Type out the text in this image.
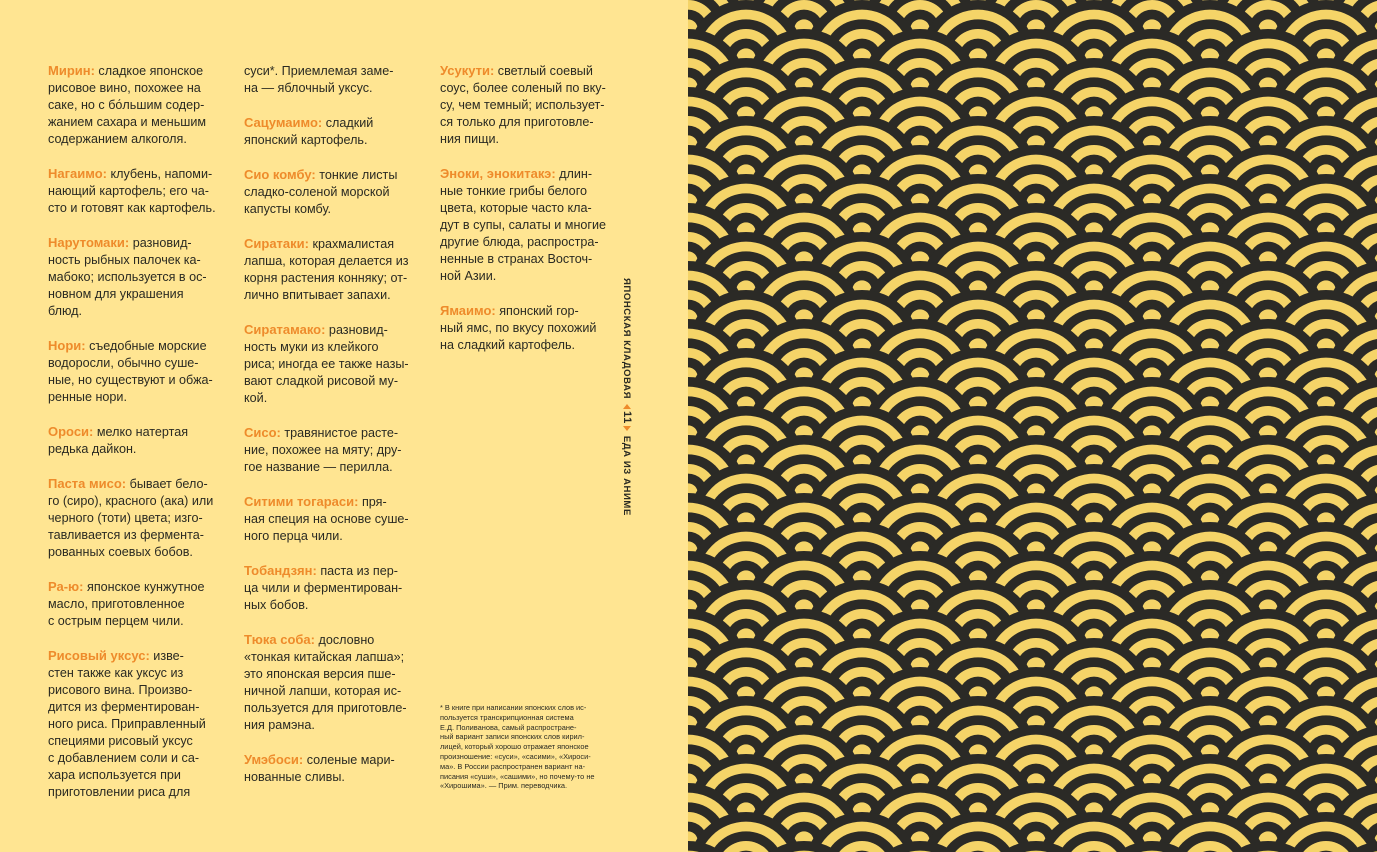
Мирин: сладкое японское
рисовое вино, похожее на
саке, но с бо́льшим содер-
жанием сахара и меньшим
содержанием алкоголя.

Нагаимо: клубень, напоми-
нающий картофель; его ча-
сто и готовят как картофель.

Нарутомаки: разновид-
ность рыбных палочек ка-
мабоко; используется в ос-
новном для украшения
блюд.

Нори: съедобные морские
водоросли, обычно суше-
ные, но существуют и обжа-
ренные нори.

Ороси: мелко натертая
редька дайкон.

Паста мисо: бывает бело-
го (сиро), красного (ака) или
черного (тоти) цвета; изго-
тавливается из фермента-
рованных соевых бобов.

Ра-ю: японское кунжутное
масло, приготовленное
с острым перцем чили.

Рисовый уксус: изве-
стен также как уксус из
рисового вина. Произво-
дится из ферментирован-
ного риса. Приправленный
специями рисовый уксус
с добавлением соли и са-
хара используется при
приготовлении риса для

суси*. Приемлемая заме-
на — яблочный уксус.

Сацумаимо: сладкий
японский картофель.

Сио комбу: тонкие листы
сладко-соленой морской
капусты комбу.

Сиратаки: крахмалистая
лапша, которая делается из
корня растения конняку; от-
лично впитывает запахи.

Сиратамако: разновид-
ность муки из клейкого
риса; иногда ее также назы-
вают сладкой рисовой му-
кой.

Сисо: травянистое расте-
ние, похожее на мяту; дру-
гое название — перилла.

Ситими тогараси: пря-
ная специя на основе суше-
ного перца чили.

Тобандзян: паста из пер-
ца чили и ферментирован-
ных бобов.

Тюка соба: дословно
«тонкая китайская лапша»;
это японская версия пше-
ничной лапши, которая ис-
пользуется для приготовле-
ния рамэна.

Умэбоси: соленые мари-
нованные сливы.

Усукути: светлый соевый
соус, более соленый по вку-
су, чем темный; использует-
ся только для приготовле-
ния пищи.

Эноки, энокитакэ: длин-
ные тонкие грибы белого
цвета, которые часто кла-
дут в супы, салаты и многие
другие блюда, распростра-
ненные в странах Восточ-
ной Азии.

Ямаимо: японский гор-
ный ямс, по вкусу похожий
на сладкий картофель.

* В книге при написании японских слов ис-
пользуется транскрипционная система
Е.Д. Поливанова, самый распростране-
ный вариант записи японских слов кирил-
лицей, который хорошо отражает японское
произношение: «суси», «сасими», «Хироси-
ма». В России распространен вариант на-
писания «суши», «сашими», но почему-то не
«Хирошима». — Прим. переводчика.
ЯПОНСКАЯ КЛАДОВАЯ
11
ЕДА ИЗ АНИМЕ
